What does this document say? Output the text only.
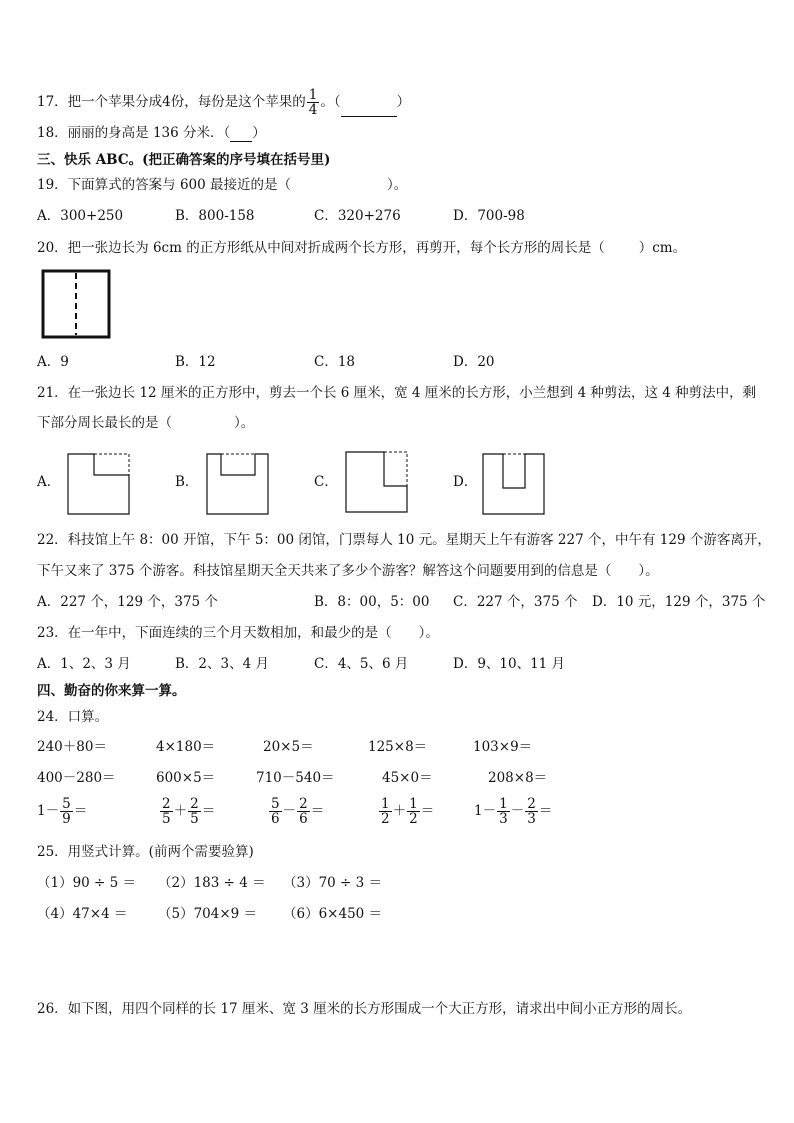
17．把一个苹果分成4份，每份是这个苹果的 $\frac{1}{4}$ 。（	）
18．丽丽的身高是 136 分米．（ ）
三、快乐 ABC。(把正确答案的序号填在括号里)
19．下面算式的答案与 600 最接近的是（	）。
A．300+250	B．800-158	C．320+276	D．700-98
20．把一张边长为 6cm 的正方形纸从中间对折成两个长方形，再剪开，每个长方形的周长是（	）cm。
A．9	B．12	C．18	D．20
21．在一张边长 12 厘米的正方形中，剪去一个长 6 厘米，宽 4 厘米的长方形，小兰想到 4 种剪法，这 4 种剪法中，剩
下部分周长最长的是（	）。
A．	B．	C．	D．
22．科技馆上午 8：00 开馆，下午 5：00 闭馆，门票每人 10 元。星期天上午有游客 227 个，中午有 129 个游客离开，
下午又来了 375 个游客。科技馆星期天全天共来了多少个游客？解答这个问题要用到的信息是（　　）。
A．227 个，129 个，375 个	B．8：00，5：00 C．227 个，375 个 D．10 元，129 个，375 个
23．在一年中，下面连续的三个月天数相加，和最少的是（　　）。
A．1、2、3 月	B．2、3、4 月	C．4、5、6 月	D．9、10、11 月
四、勤奋的你来算一算。
24．口算。
240＋80＝	4×180＝	20×5＝	125×8＝	103×9＝
400－280＝	600×5＝	710－540＝	45×0＝	208×8＝
$1- \frac{5}{9}$ ＝	$\frac{2}{5} + \frac{2}{5}$ ＝	$\frac{5}{6} - \frac{2}{6}$ ＝	$\frac{1}{2} + \frac{1}{2}$ ＝	$1- \frac{1}{3} - \frac{2}{3}$ ＝
25．用竖式计算。(前两个需要验算)
（1）90 ÷ 5 ＝ （2）183 ÷ 4 ＝ （3）70 ÷ 3 ＝
（4）47×4 ＝ （5）704×9 ＝ （6）6×450 ＝
26．如下图，用四个同样的长 17 厘米、宽 3 厘米的长方形围成一个大正方形，请求出中间小正方形的周长。
